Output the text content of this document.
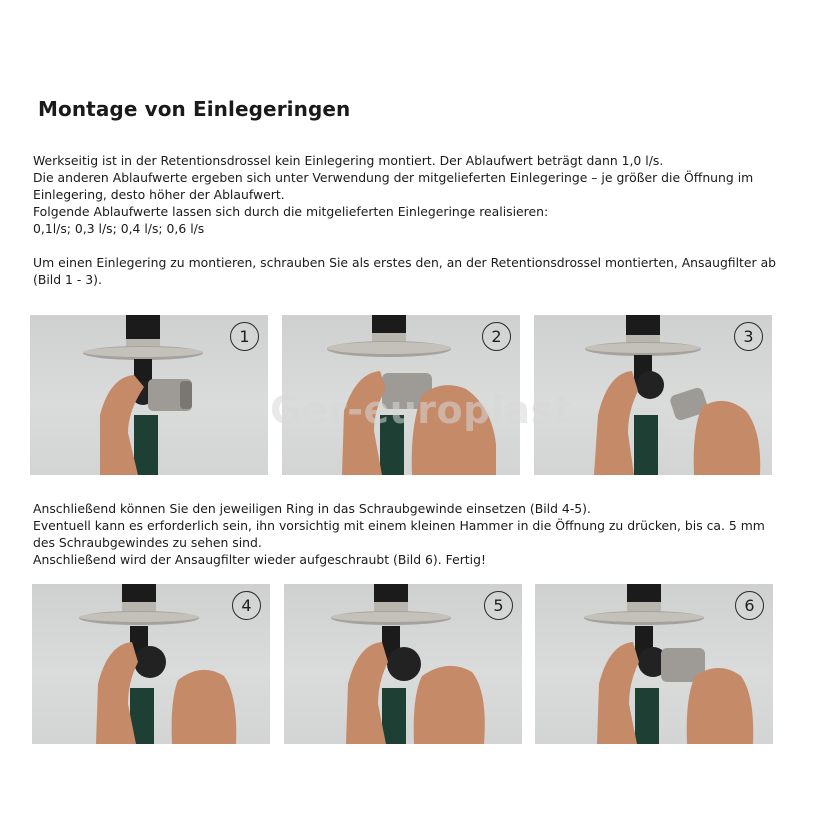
Montage von Einlegeringen
Werkseitig ist in der Retentionsdrossel kein Einlegering montiert. Der Ablaufwert beträgt dann 1,0 l/s.
Die anderen Ablaufwerte ergeben sich unter Verwendung der mitgelieferten Einlegeringe – je größer die Öffnung im
Einlegering, desto höher der Ablaufwert.
Folgende Ablaufwerte lassen sich durch die mitgelieferten Einlegeringe realisieren:
0,1l/s; 0,3 l/s; 0,4 l/s; 0,6 l/s
Um einen Einlegering zu montieren, schrauben Sie als erstes den, an der Retentionsdrossel montierten, Ansaugfilter ab
(Bild 1 - 3).
1	2	3
Ger-europlast
Anschließend können Sie den jeweiligen Ring in das Schraubgewinde einsetzen (Bild 4-5).
Eventuell kann es erforderlich sein, ihn vorsichtig mit einem kleinen Hammer in die Öffnung zu drücken, bis ca. 5 mm
des Schraubgewindes zu sehen sind.
Anschließend wird der Ansaugfilter wieder aufgeschraubt (Bild 6). Fertig!
4	5	6
